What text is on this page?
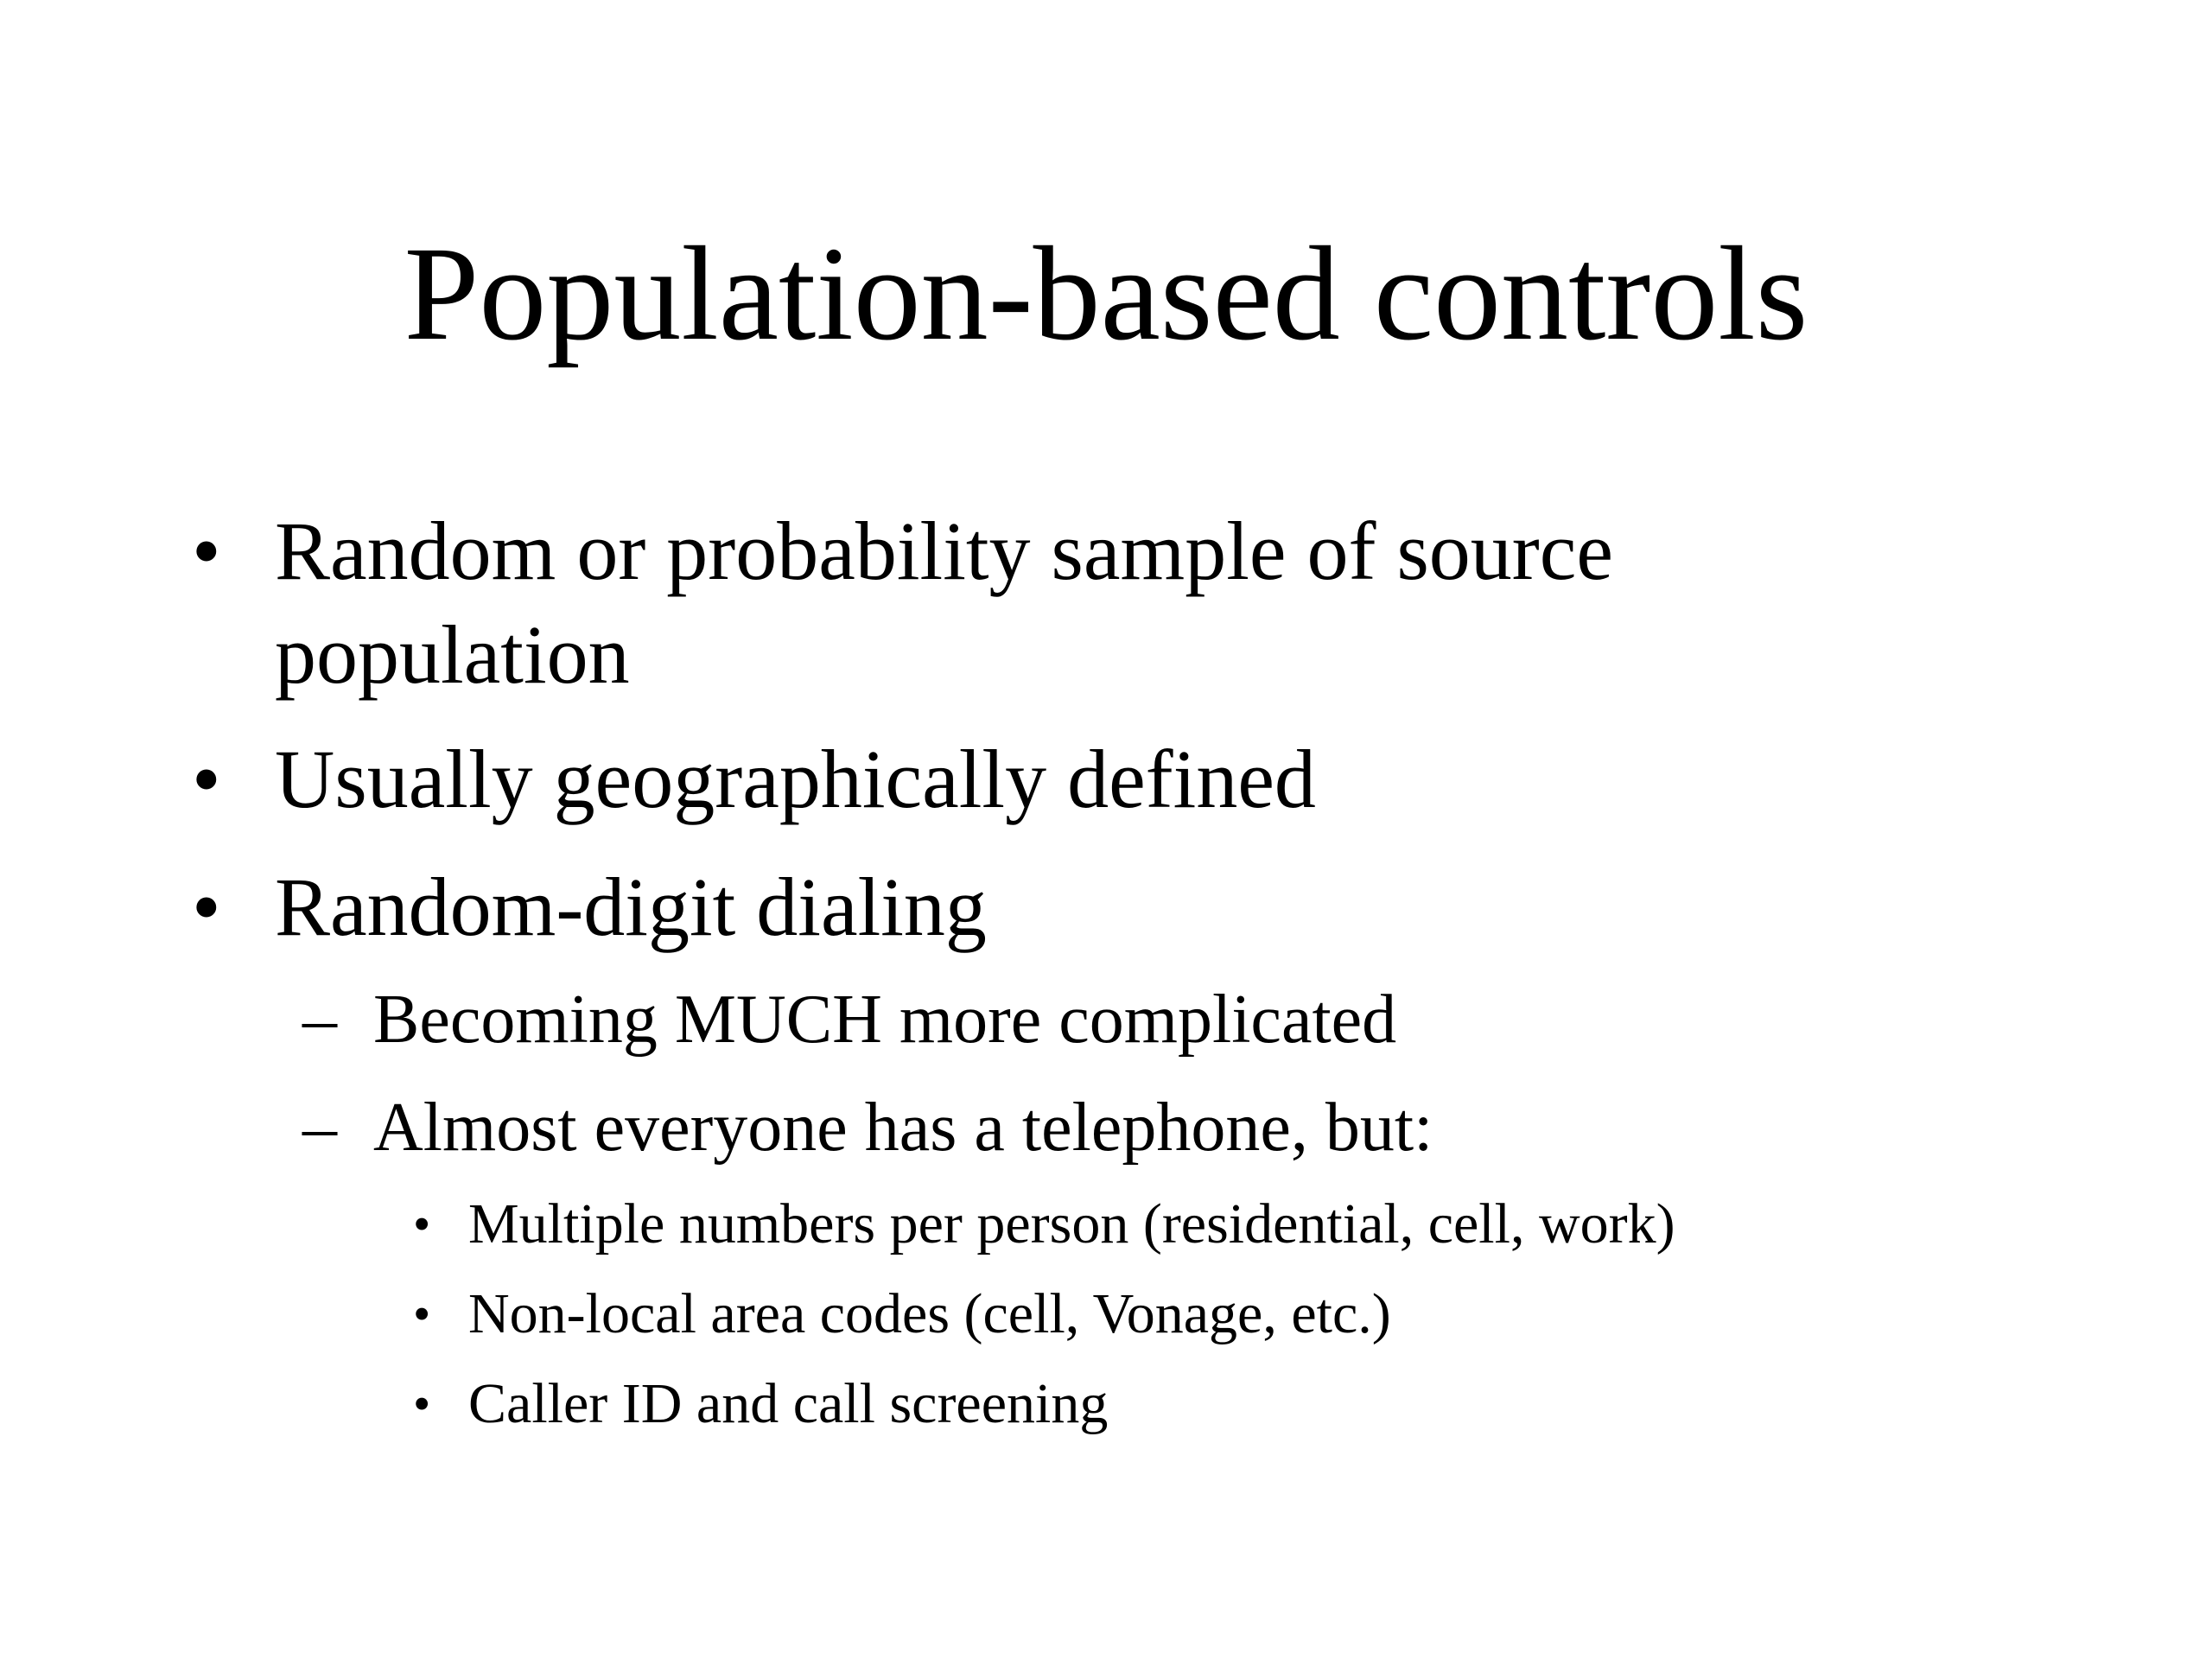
Population-based controls
• Random or probability sample of source
population
• Usually geographically defined
• Random-digit dialing
– Becoming MUCH more complicated
– Almost everyone has a telephone, but:
• Multiple numbers per person (residential, cell, work)
• Non-local area codes (cell, Vonage, etc.)
• Caller ID and call screening
